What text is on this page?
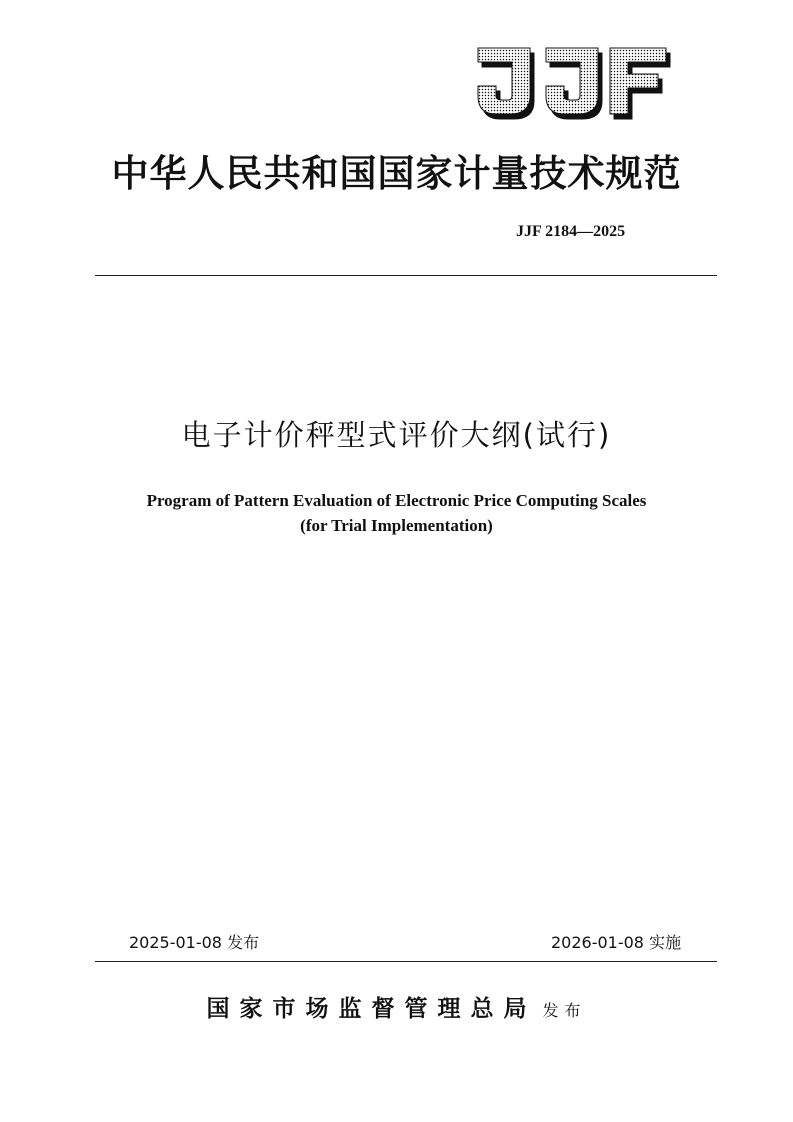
中华人民共和国国家计量技术规范
JJF 2184—2025
电子计价秤型式评价大纲(试行)
Program of Pattern Evaluation of Electronic Price Computing Scales
(for Trial Implementation)
2025-01-08 发布	2026-01-08 实施
国家市场监督管理总局 发布
